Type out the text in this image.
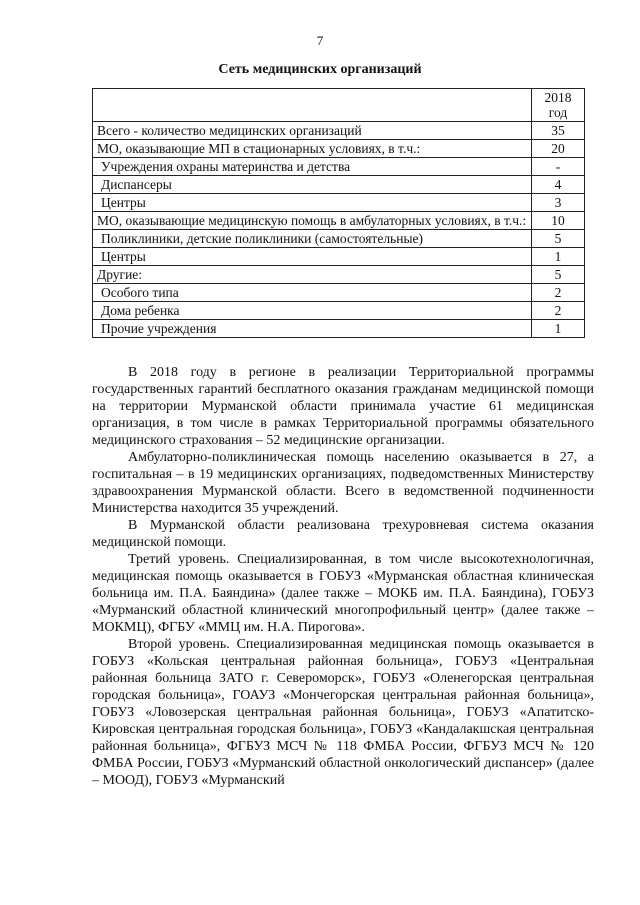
7
Сеть медицинских организаций
	2018 год
Всего - количество медицинских организаций	35
МО, оказывающие МП в стационарных условиях, в т.ч.:	20
Учреждения охраны материнства и детства	-
Диспансеры	4
Центры	3
МО, оказывающие медицинскую помощь в амбулаторных условиях, в т.ч.:	10
Поликлиники, детские поликлиники (самостоятельные)	5
Центры	1
Другие:	5
Особого типа	2
Дома ребенка	2
Прочие учреждения	1

В 2018 году в регионе в реализации Территориальной программы государственных гарантий бесплатного оказания гражданам медицинской помощи на территории Мурманской области принимала участие 61 медицинская организация, в том числе в рамках Территориальной программы обязательного медицинского страхования – 52 медицинские организации.

Амбулаторно-поликлиническая помощь населению оказывается в 27, а госпитальная – в 19 медицинских организациях, подведомственных Министерству здравоохранения Мурманской области. Всего в ведомственной подчиненности Министерства находится 35 учреждений.

В Мурманской области реализована трехуровневая система оказания медицинской помощи.

Третий уровень. Специализированная, в том числе высокотехнологичная, медицинская помощь оказывается в ГОБУЗ «Мурманская областная клиническая больница им. П.А. Баяндина» (далее также – МОКБ им. П.А. Баяндина), ГОБУЗ «Мурманский областной клинический многопрофильный центр» (далее также – МОКМЦ), ФГБУ «ММЦ им. Н.А. Пирогова».

Второй уровень. Специализированная медицинская помощь оказывается в ГОБУЗ «Кольская центральная районная больница», ГОБУЗ «Центральная районная больница ЗАТО г. Североморск», ГОБУЗ «Оленегорская центральная городская больница», ГОАУЗ «Мончегорская центральная районная больница», ГОБУЗ «Ловозерская центральная районная больница», ГОБУЗ «Апатитско-Кировская центральная городская больница», ГОБУЗ «Кандалакшская центральная районная больница», ФГБУЗ МСЧ № 118 ФМБА России, ФГБУЗ МСЧ № 120 ФМБА России, ГОБУЗ «Мурманский областной онкологический диспансер» (далее – МООД), ГОБУЗ «Мурманский
